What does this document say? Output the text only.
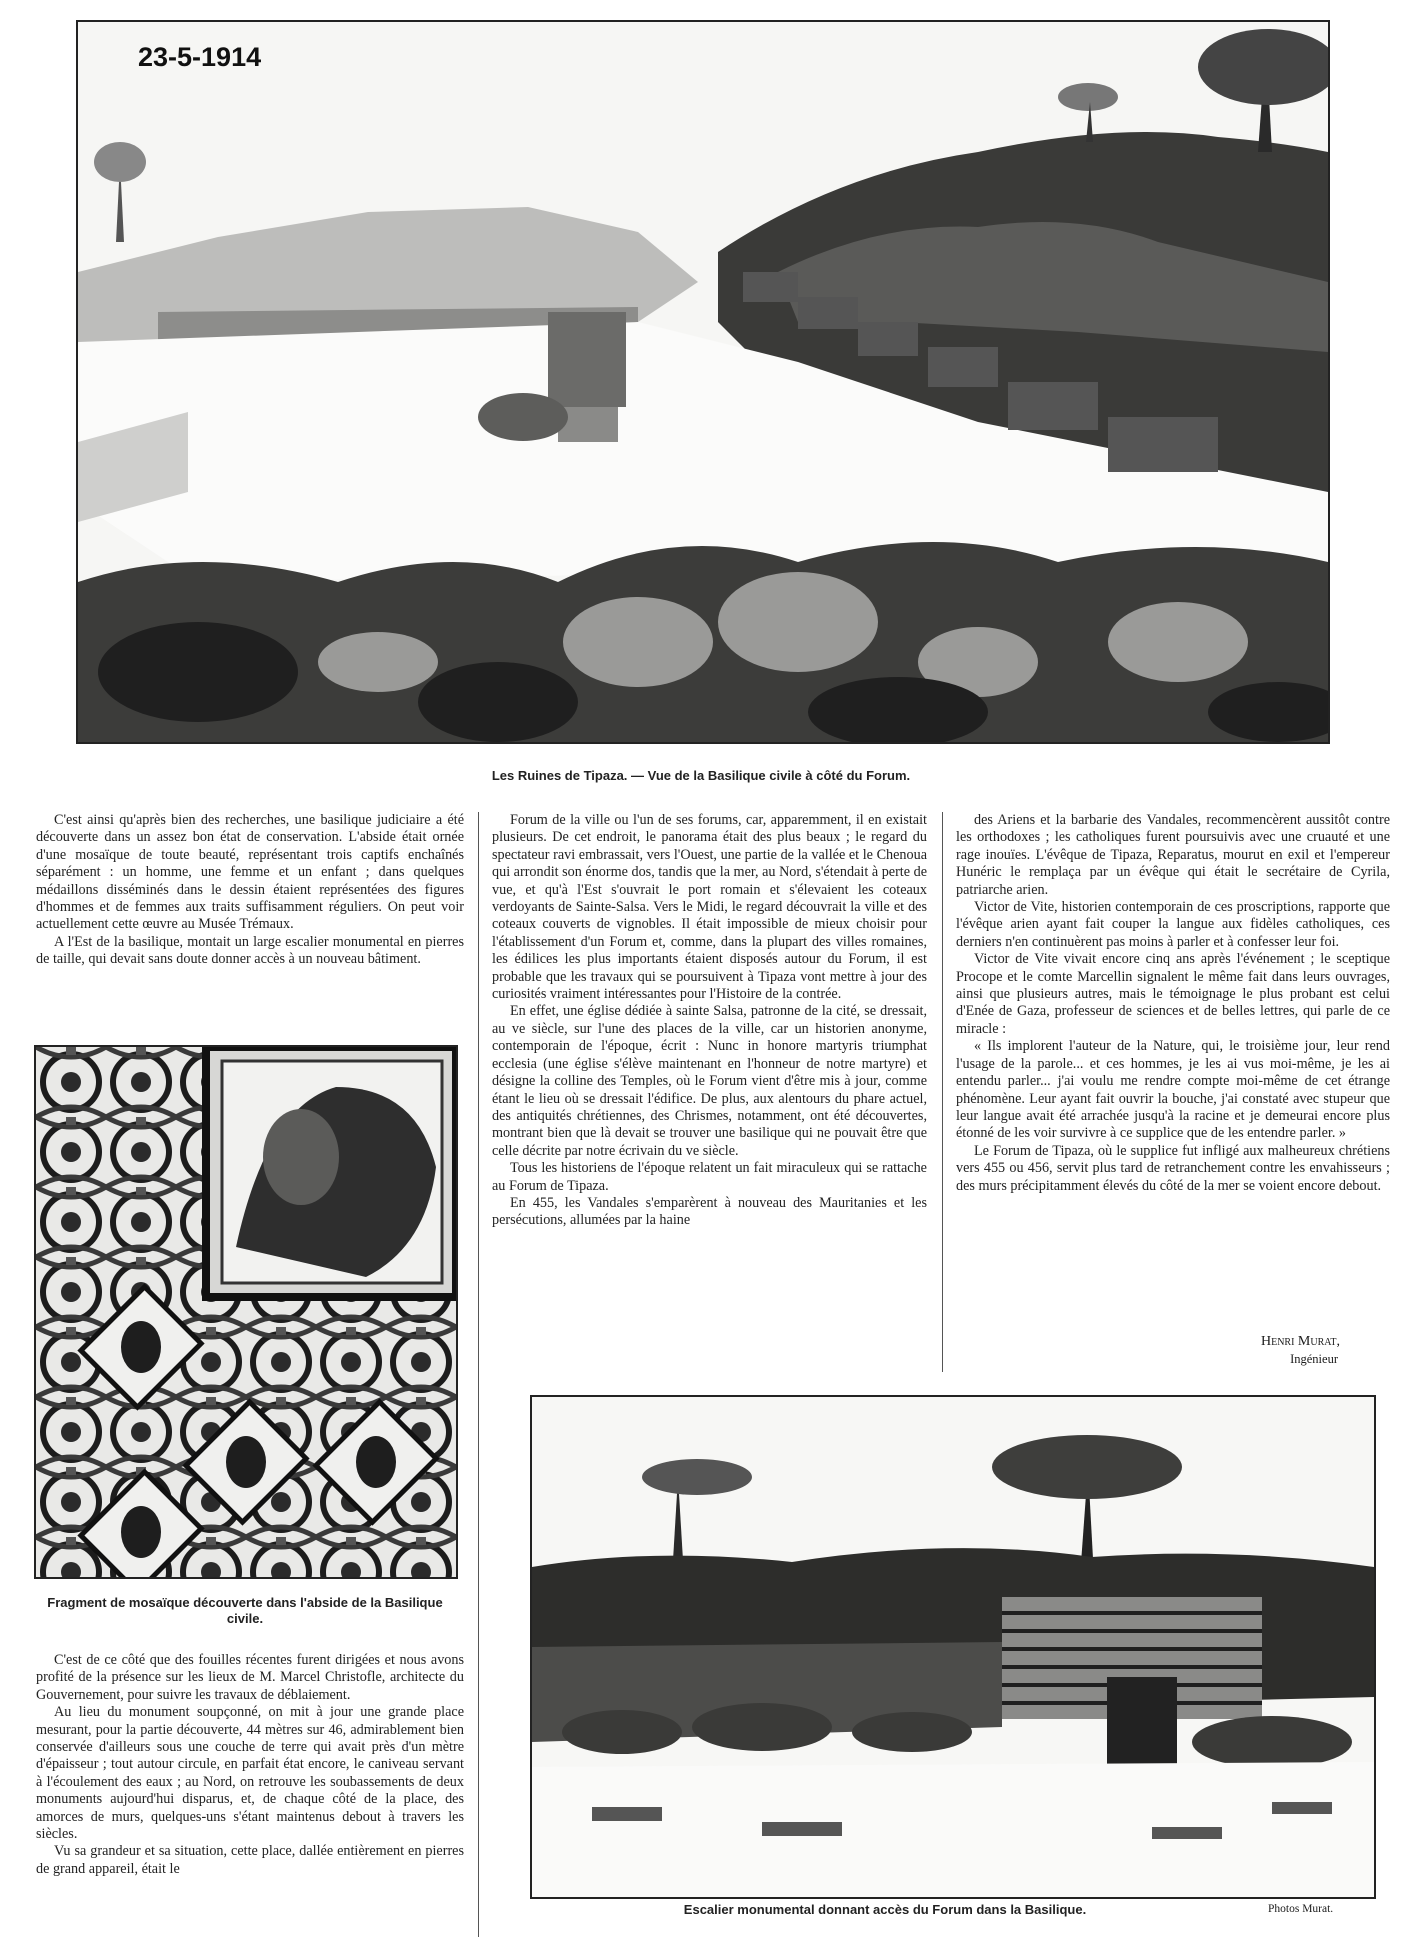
23-5-1914
Les Ruines de Tipaza. — Vue de la Basilique civile à côté du Forum.

C'est ainsi qu'après bien des recherches, une basilique judiciaire a été découverte dans un assez bon état de conservation. L'abside était ornée d'une mosaïque de toute beauté, représentant trois captifs enchaînés séparément : un homme, une femme et un enfant ; dans quelques médaillons disséminés dans le dessin étaient représentées des figures d'hommes et de femmes aux traits suffisamment réguliers. On peut voir actuellement cette œuvre au Musée Trémaux.

A l'Est de la basilique, montait un large escalier monumental en pierres de taille, qui devait sans doute donner accès à un nouveau bâtiment.

Fragment de mosaïque découverte dans l'abside de la Basilique civile.

C'est de ce côté que des fouilles récentes furent dirigées et nous avons profité de la présence sur les lieux de M. Marcel Christofle, architecte du Gouvernement, pour suivre les travaux de déblaiement.

Au lieu du monument soupçonné, on mit à jour une grande place mesurant, pour la partie découverte, 44 mètres sur 46, admirablement bien conservée d'ailleurs sous une couche de terre qui avait près d'un mètre d'épaisseur ; tout autour circule, en parfait état encore, le caniveau servant à l'écoulement des eaux ; au Nord, on retrouve les soubassements de deux monuments aujourd'hui disparus, et, de chaque côté de la place, des amorces de murs, quelques-uns s'étant maintenus debout à travers les siècles.

Vu sa grandeur et sa situation, cette place, dallée entièrement en pierres de grand appareil, était le

Forum de la ville ou l'un de ses forums, car, apparemment, il en existait plusieurs. De cet endroit, le panorama était des plus beaux ; le regard du spectateur ravi embrassait, vers l'Ouest, une partie de la vallée et le Chenoua qui arrondit son énorme dos, tandis que la mer, au Nord, s'étendait à perte de vue, et qu'à l'Est s'ouvrait le port romain et s'élevaient les coteaux verdoyants de Sainte-Salsa. Vers le Midi, le regard découvrait la ville et des coteaux couverts de vignobles. Il était impossible de mieux choisir pour l'établissement d'un Forum et, comme, dans la plupart des villes romaines, les édilices les plus importants étaient disposés autour du Forum, il est probable que les travaux qui se poursuivent à Tipaza vont mettre à jour des curiosités vraiment intéressantes pour l'Histoire de la contrée.

En effet, une église dédiée à sainte Salsa, patronne de la cité, se dressait, au ve siècle, sur l'une des places de la ville, car un historien anonyme, contemporain de l'époque, écrit : Nunc in honore martyris triumphat ecclesia (une église s'élève maintenant en l'honneur de notre martyre) et désigne la colline des Temples, où le Forum vient d'être mis à jour, comme étant le lieu où se dressait l'édifice. De plus, aux alentours du phare actuel, des antiquités chrétiennes, des Chrismes, notamment, ont été découvertes, montrant bien que là devait se trouver une basilique qui ne pouvait être que celle décrite par notre écrivain du ve siècle.

Tous les historiens de l'époque relatent un fait miraculeux qui se rattache au Forum de Tipaza.

En 455, les Vandales s'emparèrent à nouveau des Mauritanies et les persécutions, allumées par la haine

des Ariens et la barbarie des Vandales, recommencèrent aussitôt contre les orthodoxes ; les catholiques furent poursuivis avec une cruauté et une rage inouïes. L'évêque de Tipaza, Reparatus, mourut en exil et l'empereur Hunéric le remplaça par un évêque qui était le secrétaire de Cyrila, patriarche arien.

Victor de Vite, historien contemporain de ces proscriptions, rapporte que l'évêque arien ayant fait couper la langue aux fidèles catholiques, ces derniers n'en continuèrent pas moins à parler et à confesser leur foi.

Victor de Vite vivait encore cinq ans après l'événement ; le sceptique Procope et le comte Marcellin signalent le même fait dans leurs ouvrages, ainsi que plusieurs autres, mais le témoignage le plus probant est celui d'Enée de Gaza, professeur de sciences et de belles lettres, qui parle de ce miracle :

« Ils implorent l'auteur de la Nature, qui, le troisième jour, leur rend l'usage de la parole... et ces hommes, je les ai vus moi-même, je les ai entendu parler... j'ai voulu me rendre compte moi-même de cet étrange phénomène. Leur ayant fait ouvrir la bouche, j'ai constaté avec stupeur que leur langue avait été arrachée jusqu'à la racine et je demeurai encore plus étonné de les voir survivre à ce supplice que de les entendre parler. »

Le Forum de Tipaza, où le supplice fut infligé aux malheureux chrétiens vers 455 ou 456, servit plus tard de retranchement contre les envahisseurs ; des murs précipitamment élevés du côté de la mer se voient encore debout.

Henri Murat,
Ingénieur
Escalier monumental donnant accès du Forum dans la Basilique.	Photos Murat.
